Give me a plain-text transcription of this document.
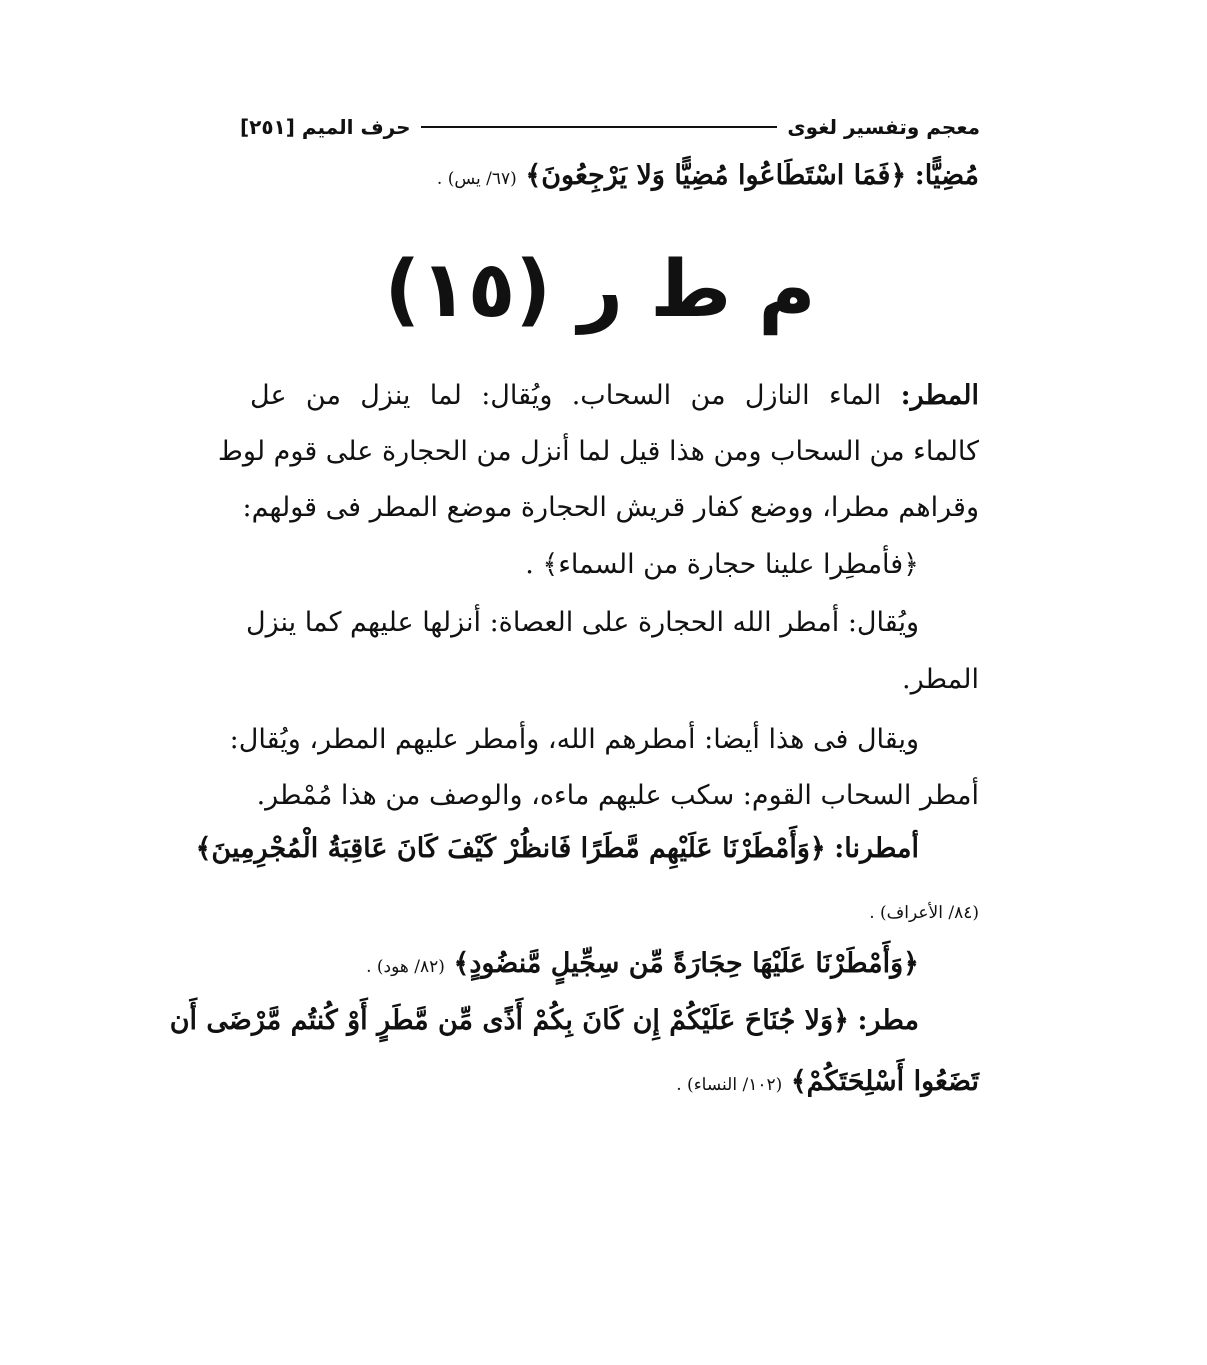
معجم وتفسير لغوى
حرف الميم [٢٥١]
مُضِيًّا: ﴿فَمَا اسْتَطَاعُوا مُضِيًّا وَلا يَرْجِعُونَ﴾ (٦٧/ يس) .
م ط ر (١٥)
المطر: الماء النازل من السحاب. ويُقال: لما ينزل من عل
كالماء من السحاب ومن هذا قيل لما أنزل من الحجارة على قوم لوط
وقراهم مطرا، ووضع كفار قريش الحجارة موضع المطر فى قولهم:
﴿فأمطِرا علينا حجارة من السماء﴾ .
ويُقال: أمطر الله الحجارة على العصاة: أنزلها عليهم كما ينزل
المطر.
ويقال فى هذا أيضا: أمطرهم الله، وأمطر عليهم المطر، ويُقال:
أمطر السحاب القوم: سكب عليهم ماءه، والوصف من هذا مُمْطر.
أمطرنا: ﴿وَأَمْطَرْنَا عَلَيْهِم مَّطَرًا فَانظُرْ كَيْفَ كَانَ عَاقِبَةُ الْمُجْرِمِينَ﴾
(٨٤/ الأعراف) .
﴿وَأَمْطَرْنَا عَلَيْهَا حِجَارَةً مِّن سِجِّيلٍ مَّنضُودٍ﴾ (٨٢/ هود) .
مطر: ﴿وَلا جُنَاحَ عَلَيْكُمْ إِن كَانَ بِكُمْ أَذًى مِّن مَّطَرٍ أَوْ كُنتُم مَّرْضَى أَن
تَضَعُوا أَسْلِحَتَكُمْ﴾ (١٠٢/ النساء) .
